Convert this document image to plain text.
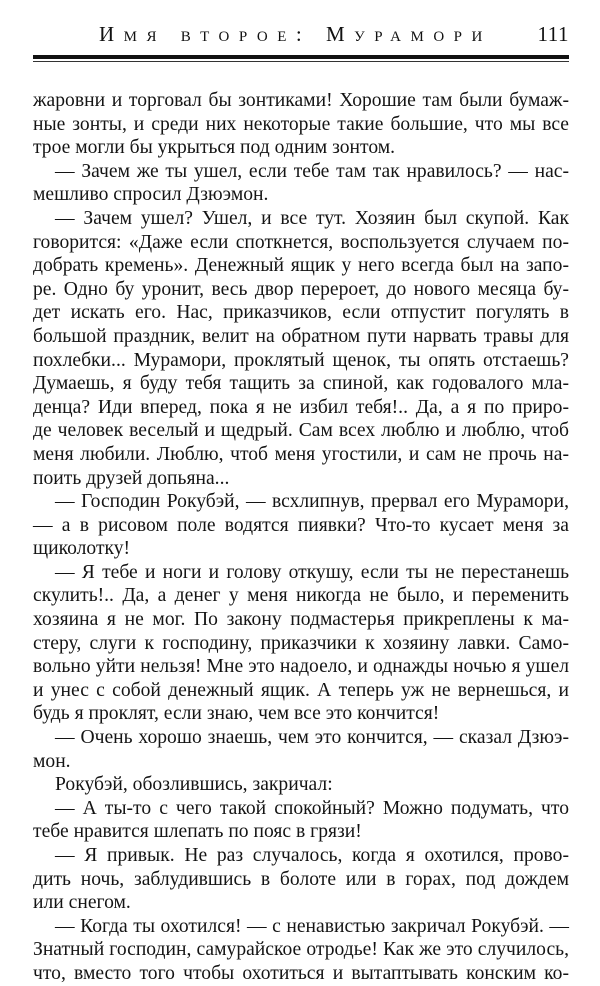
Имя второе: Мурамори 111
жаровни и торговал бы зонтиками! Хорошие там были бумаж-
ные зонты, и среди них некоторые такие большие, что мы все
трое могли бы укрыться под одним зонтом.
— Зачем же ты ушел, если тебе там так нравилось? — нас-
мешливо спросил Дзюэмон.
— Зачем ушел? Ушел, и все тут. Хозяин был скупой. Как
говорится: «Даже если споткнется, воспользуется случаем по-
добрать кремень». Денежный ящик у него всегда был на запо-
ре. Одно бу уронит, весь двор перероет, до нового месяца бу-
дет искать его. Нас, приказчиков, если отпустит погулять в
большой праздник, велит на обратном пути нарвать травы для
похлебки... Мурамори, проклятый щенок, ты опять отстаешь?
Думаешь, я буду тебя тащить за спиной, как годовалого мла-
денца? Иди вперед, пока я не избил тебя!.. Да, а я по приро-
де человек веселый и щедрый. Сам всех люблю и люблю, чтоб
меня любили. Люблю, чтоб меня угостили, и сам не прочь на-
поить друзей допьяна...
— Господин Рокубэй, — всхлипнув, прервал его Мурамори,
— а в рисовом поле водятся пиявки? Что-то кусает меня за
щиколотку!
— Я тебе и ноги и голову откушу, если ты не перестанешь
скулить!.. Да, а денег у меня никогда не было, и переменить
хозяина я не мог. По закону подмастерья прикреплены к ма-
стеру, слуги к господину, приказчики к хозяину лавки. Само-
вольно уйти нельзя! Мне это надоело, и однажды ночью я ушел
и унес с собой денежный ящик. А теперь уж не вернешься, и
будь я проклят, если знаю, чем все это кончится!
— Очень хорошо знаешь, чем это кончится, — сказал Дзюэ-
мон.
Рокубэй, обозлившись, закричал:
— А ты-то с чего такой спокойный? Можно подумать, что
тебе нравится шлепать по пояс в грязи!
— Я привык. Не раз случалось, когда я охотился, прово-
дить ночь, заблудившись в болоте или в горах, под дождем
или снегом.
— Когда ты охотился! — с ненавистью закричал Рокубэй. —
Знатный господин, самурайское отродье! Как же это случилось,
что, вместо того чтобы охотиться и вытаптывать конским ко-
